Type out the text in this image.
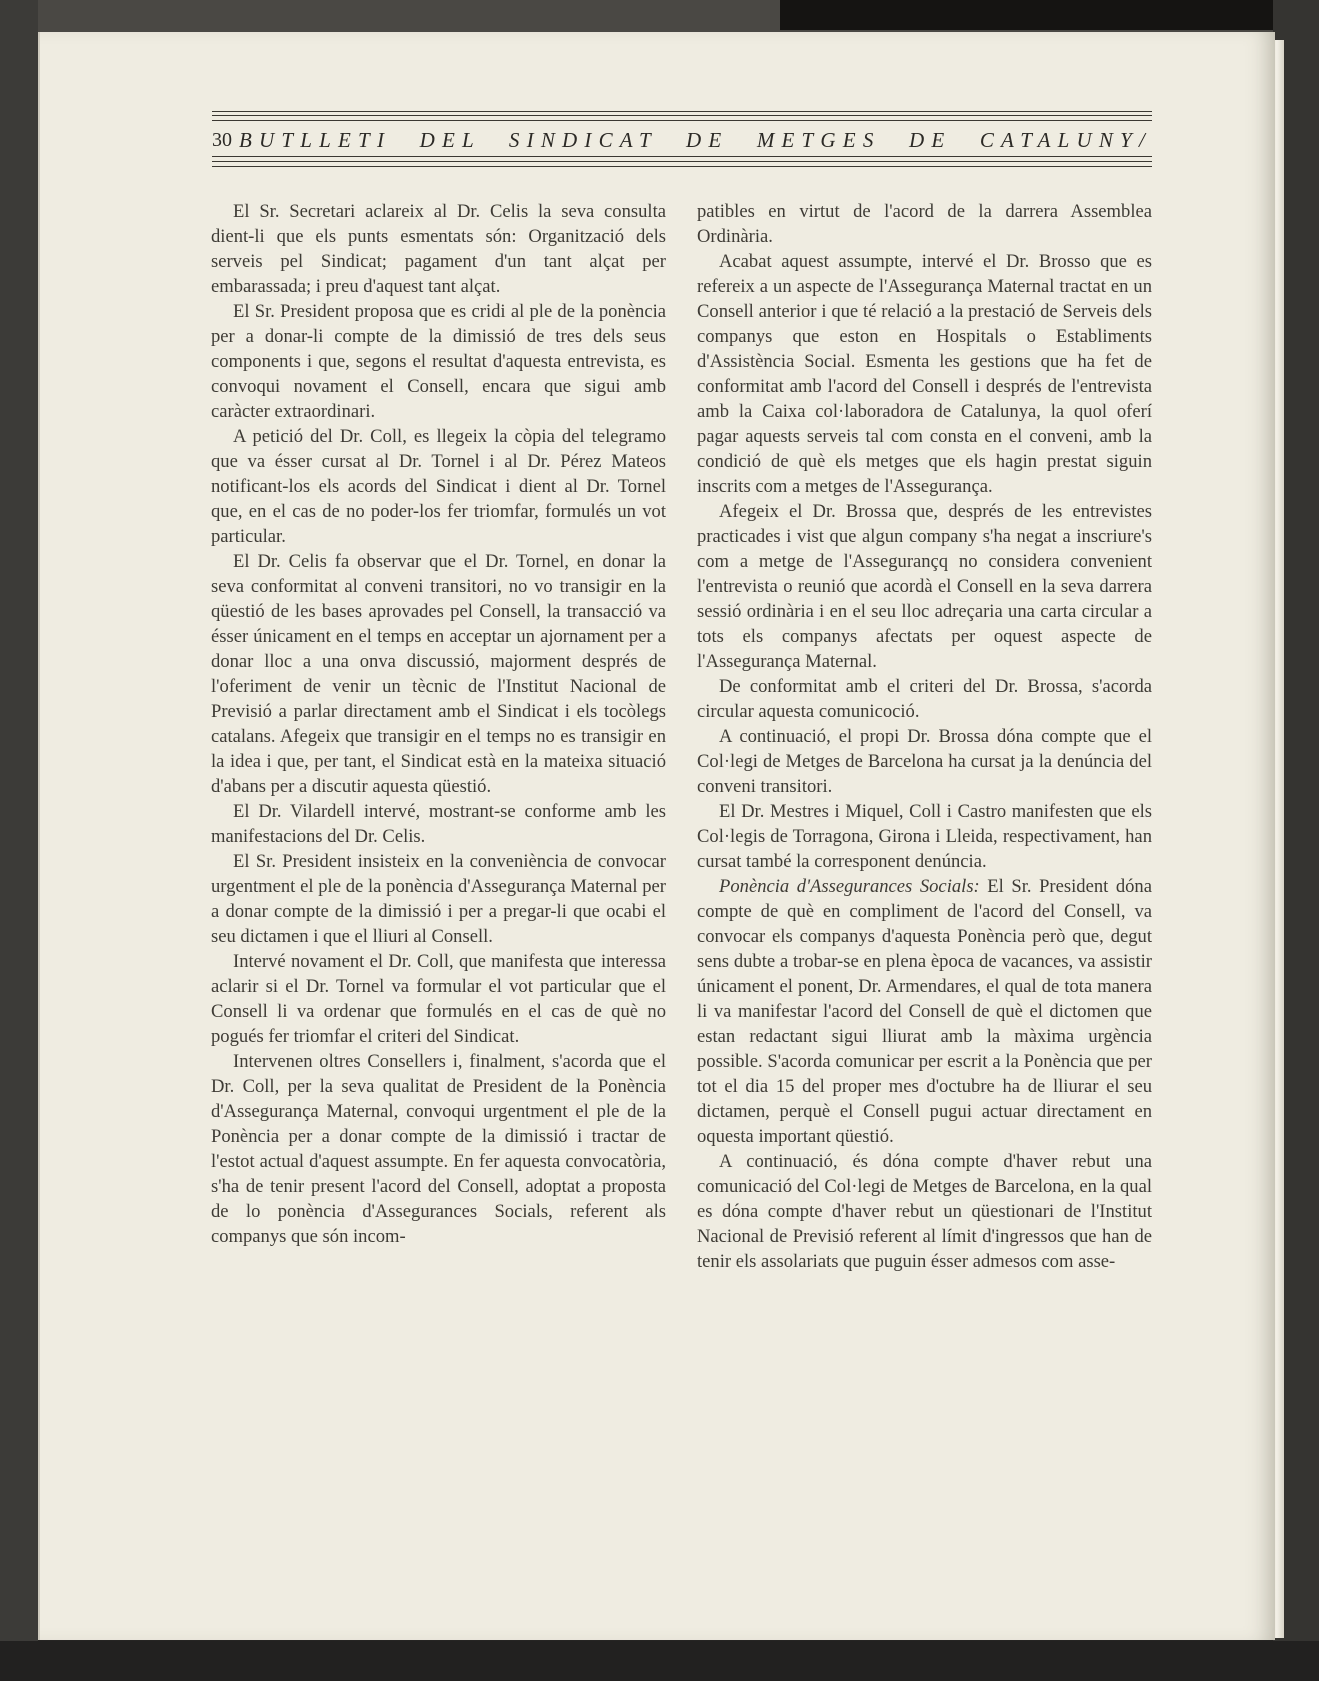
30 BUTLLETI DEL SINDICAT DE METGES DE CATALUNY/

El Sr. Secretari aclareix al Dr. Celis la seva consulta dient-li que els punts esmentats són: Organització dels serveis pel Sindicat; pagament d'un tant alçat per embarassada; i preu d'aquest tant alçat.

El Sr. President proposa que es cridi al ple de la ponència per a donar-li compte de la dimissió de tres dels seus components i que, segons el resultat d'aquesta entrevista, es convoqui novament el Consell, encara que sigui amb caràcter extraordinari.

A petició del Dr. Coll, es llegeix la còpia del telegramo que va ésser cursat al Dr. Tornel i al Dr. Pérez Mateos notificant-los els acords del Sindicat i dient al Dr. Tornel que, en el cas de no poder-los fer triomfar, formulés un vot particular.

El Dr. Celis fa observar que el Dr. Tornel, en donar la seva conformitat al conveni transitori, no vo transigir en la qüestió de les bases aprovades pel Consell, la transacció va ésser únicament en el temps en acceptar un ajornament per a donar lloc a una onva discussió, majorment després de l'oferiment de venir un tècnic de l'Institut Nacional de Previsió a parlar directament amb el Sindicat i els tocòlegs catalans. Afegeix que transigir en el temps no es transigir en la idea i que, per tant, el Sindicat està en la mateixa situació d'abans per a discutir aquesta qüestió.

El Dr. Vilardell intervé, mostrant-se conforme amb les manifestacions del Dr. Celis.

El Sr. President insisteix en la conveniència de convocar urgentment el ple de la ponència d'Assegurança Maternal per a donar compte de la dimissió i per a pregar-li que ocabi el seu dictamen i que el lliuri al Consell.

Intervé novament el Dr. Coll, que manifesta que interessa aclarir si el Dr. Tornel va formular el vot particular que el Consell li va ordenar que formulés en el cas de què no pogués fer triomfar el criteri del Sindicat.

Intervenen oltres Consellers i, finalment, s'acorda que el Dr. Coll, per la seva qualitat de President de la Ponència d'Assegurança Maternal, convoqui urgentment el ple de la Ponència per a donar compte de la dimissió i tractar de l'estot actual d'aquest assumpte. En fer aquesta convocatòria, s'ha de tenir present l'acord del Consell, adoptat a proposta de lo ponència d'Assegurances Socials, referent als companys que són incom-

patibles en virtut de l'acord de la darrera Assemblea Ordinària.

Acabat aquest assumpte, intervé el Dr. Brosso que es refereix a un aspecte de l'Assegurança Maternal tractat en un Consell anterior i que té relació a la prestació de Serveis dels companys que eston en Hospitals o Establiments d'Assistència Social. Esmenta les gestions que ha fet de conformitat amb l'acord del Consell i després de l'entrevista amb la Caixa col·laboradora de Catalunya, la quol oferí pagar aquests serveis tal com consta en el conveni, amb la condició de què els metges que els hagin prestat siguin inscrits com a metges de l'Assegurança.

Afegeix el Dr. Brossa que, després de les entrevistes practicades i vist que algun company s'ha negat a inscriure's com a metge de l'Assegurançq no considera convenient l'entrevista o reunió que acordà el Consell en la seva darrera sessió ordinària i en el seu lloc adreçaria una carta circular a tots els companys afectats per oquest aspecte de l'Assegurança Maternal.

De conformitat amb el criteri del Dr. Brossa, s'acorda circular aquesta comunicoció.

A continuació, el propi Dr. Brossa dóna compte que el Col·legi de Metges de Barcelona ha cursat ja la denúncia del conveni transitori.

El Dr. Mestres i Miquel, Coll i Castro manifesten que els Col·legis de Torragona, Girona i Lleida, respectivament, han cursat també la corresponent denúncia.

Ponència d'Assegurances Socials: El Sr. President dóna compte de què en compliment de l'acord del Consell, va convocar els companys d'aquesta Ponència però que, degut sens dubte a trobar-se en plena època de vacances, va assistir únicament el ponent, Dr. Armendares, el qual de tota manera li va manifestar l'acord del Consell de què el dictomen que estan redactant sigui lliurat amb la màxima urgència possible. S'acorda comunicar per escrit a la Ponència que per tot el dia 15 del proper mes d'octubre ha de lliurar el seu dictamen, perquè el Consell pugui actuar directament en oquesta important qüestió.

A continuació, és dóna compte d'haver rebut una comunicació del Col·legi de Metges de Barcelona, en la qual es dóna compte d'haver rebut un qüestionari de l'Institut Nacional de Previsió referent al límit d'ingressos que han de tenir els assolariats que puguin ésser admesos com asse-
